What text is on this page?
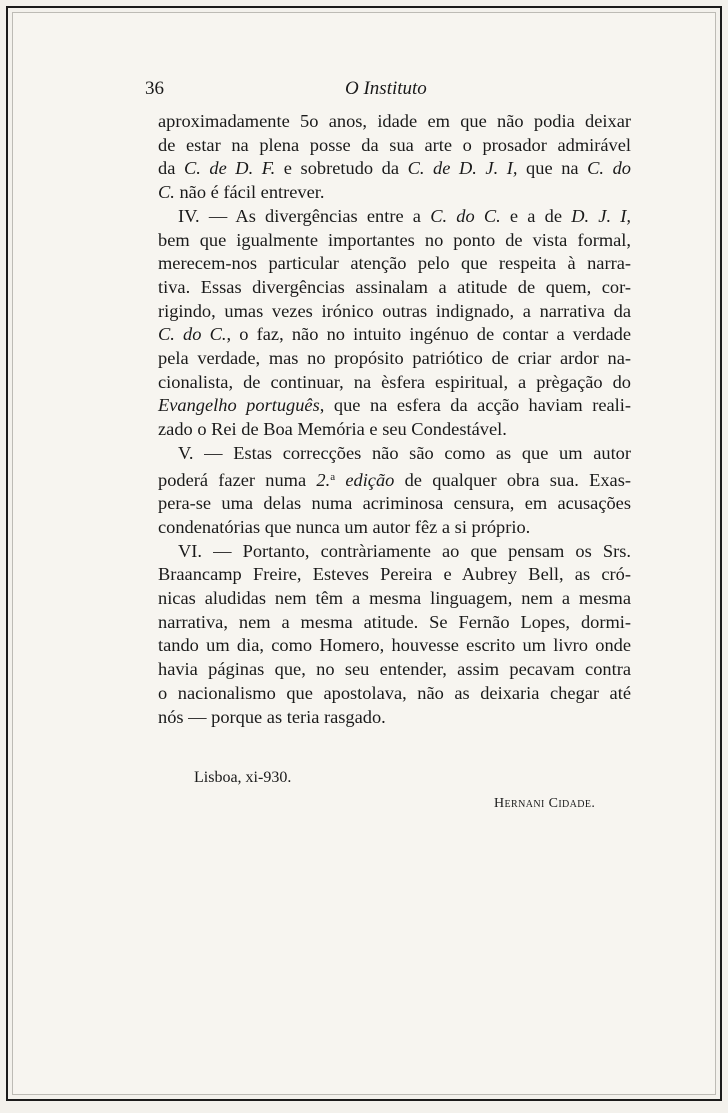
36	O Instituto
aproximadamente 5o anos, idade em que não podia deixar
de estar na plena posse da sua arte o prosador admirável
da C. de D. F. e sobretudo da C. de D. J. I, que na C. do
C. não é fácil entrever.
IV. — As divergências entre a C. do C. e a de D. J. I,
bem que igualmente importantes no ponto de vista formal,
merecem-nos particular atenção pelo que respeita à narra-
tiva. Essas divergências assinalam a atitude de quem, cor-
rigindo, umas vezes irónico outras indignado, a narrativa da
C. do C., o faz, não no intuito ingénuo de contar a verdade
pela verdade, mas no propósito patriótico de criar ardor na-
cionalista, de continuar, na èsfera espiritual, a prègação do
Evangelho português, que na esfera da acção haviam reali-
zado o Rei de Boa Memória e seu Condestável.
V. — Estas correcções não são como as que um autor
poderá fazer numa 2.$^a$ edição de qualquer obra sua. Exas-
pera-se uma delas numa acriminosa censura, em acusações
condenatórias que nunca um autor fêz a si próprio.
VI. — Portanto, contràriamente ao que pensam os Srs.
Braancamp Freire, Esteves Pereira e Aubrey Bell, as cró-
nicas aludidas nem têm a mesma linguagem, nem a mesma
narrativa, nem a mesma atitude. Se Fernão Lopes, dormi-
tando um dia, como Homero, houvesse escrito um livro onde
havia páginas que, no seu entender, assim pecavam contra
o nacionalismo que apostolava, não as deixaria chegar até
nós — porque as teria rasgado.
Lisboa, xi-930.
Hernani Cidade.
